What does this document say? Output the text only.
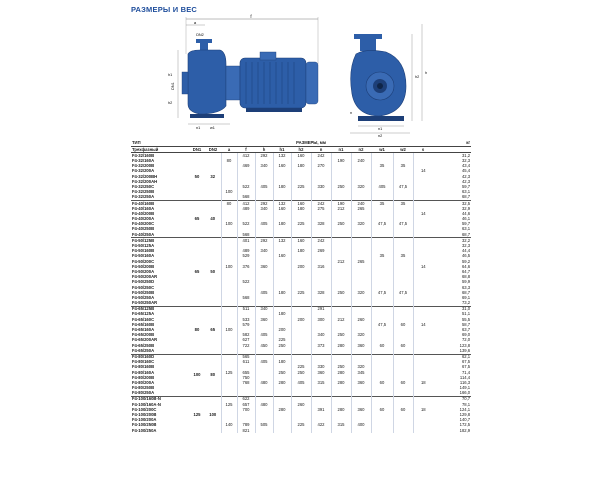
РАЗМЕРЫ И ВЕС
f
a
DN2
DN1
n1	w1
h1
h2
h2
h
n1
n2
n
ТИП	РАЗМЕРЫ, мм													кг
Трехфазный	DN1	DN2	a	f	h	h1	h2	n	n1	n2	w1	w2	s	
F4-32/160B	50	32		412	292	132	160	242						31,2
F4-32/160A			80						190	240				32,3
F4-32/200B				469	340	160	180	270			35	35		43,4
F4-32/200A													14	45,4
F4-32/200BH														42,3
F4-32/200AH														42,3
F4-32/250C				522	405	180	225	330	250	320	405	47,5		59,7
F4-32/250B			100											63,1
F4-32/250A				568										68,7
F4-40/160B	65	40	80	412	292	132	160	242	190	240	35	35		32,5
F4-40/160A				489	340	160	180	275	212	265				32,9
F4-40/200B													14	44,6
F4-40/200A														46,1
F4-40/200C			100	522	405	180	225	328	250	320	47,5	47,5		59,7
F4-40/250B														63,1
F4-40/250A				568										68,7
F4-50/125B	65	50		401	292	132	160	242						32,2
F4-50/125A														32,3
F4-50/160B				489	340		180	269						44,4
F4-50/160A				529		160					35	35		46,5
F4-50/200C									212	265				59,2
F4-50/200B			100	376	360		200	316					14	64,6
F4-50/200A														64,7
F4-50/200AR														68,8
F4-50/250D				522										59,9
F4-50/250C														63,3
F4-50/250B					405	180	225	328	250	320	47,5	47,5		68,7
F4-50/250A				568										69,1
F4-50/250AR														73,2
F4-65/125B	80	65		511	340			291						31,0
F4-65/125A						180								51,1
F4-65/160C				533	360		200	300	212	260				55,5
F4-65/160B				579							47,5	60	14	58,7
F4-65/160A			100			200								63,7
F4-65/200B				582	405			340	250	320				69,0
F4-65/200AR				627		225								72,0
F4-65/250B				722	450	250		373	280	360	60	60		123,8
F4-65/250A														139,6
F4-80/160D	100	80		565										62,1
F4-80/160C				611	405	180								67,5
F4-80/160B							225	330	250	320				67,5
F4-80/160A			125	655		250	250	360	280	345				71,4
F4-80/200B				750										114,4
F4-80/200A				768	480	280	405	315	280	360	60	60	18	116,3
F4-80/250B														149,1
F4-80/250A														166,0
F4-100/160B-N	125	100		622										70,7
F4-100/160A-N			125	657	480		260							78,1
F4-100/200C				700		280		391	280	360	60	60	18	124,1
F4-100/200B														129,8
F4-100/200A														140,7
F4-100/250B			140	789	505		225	422	315	400				172,5
F4-100/250A				821										182,9
